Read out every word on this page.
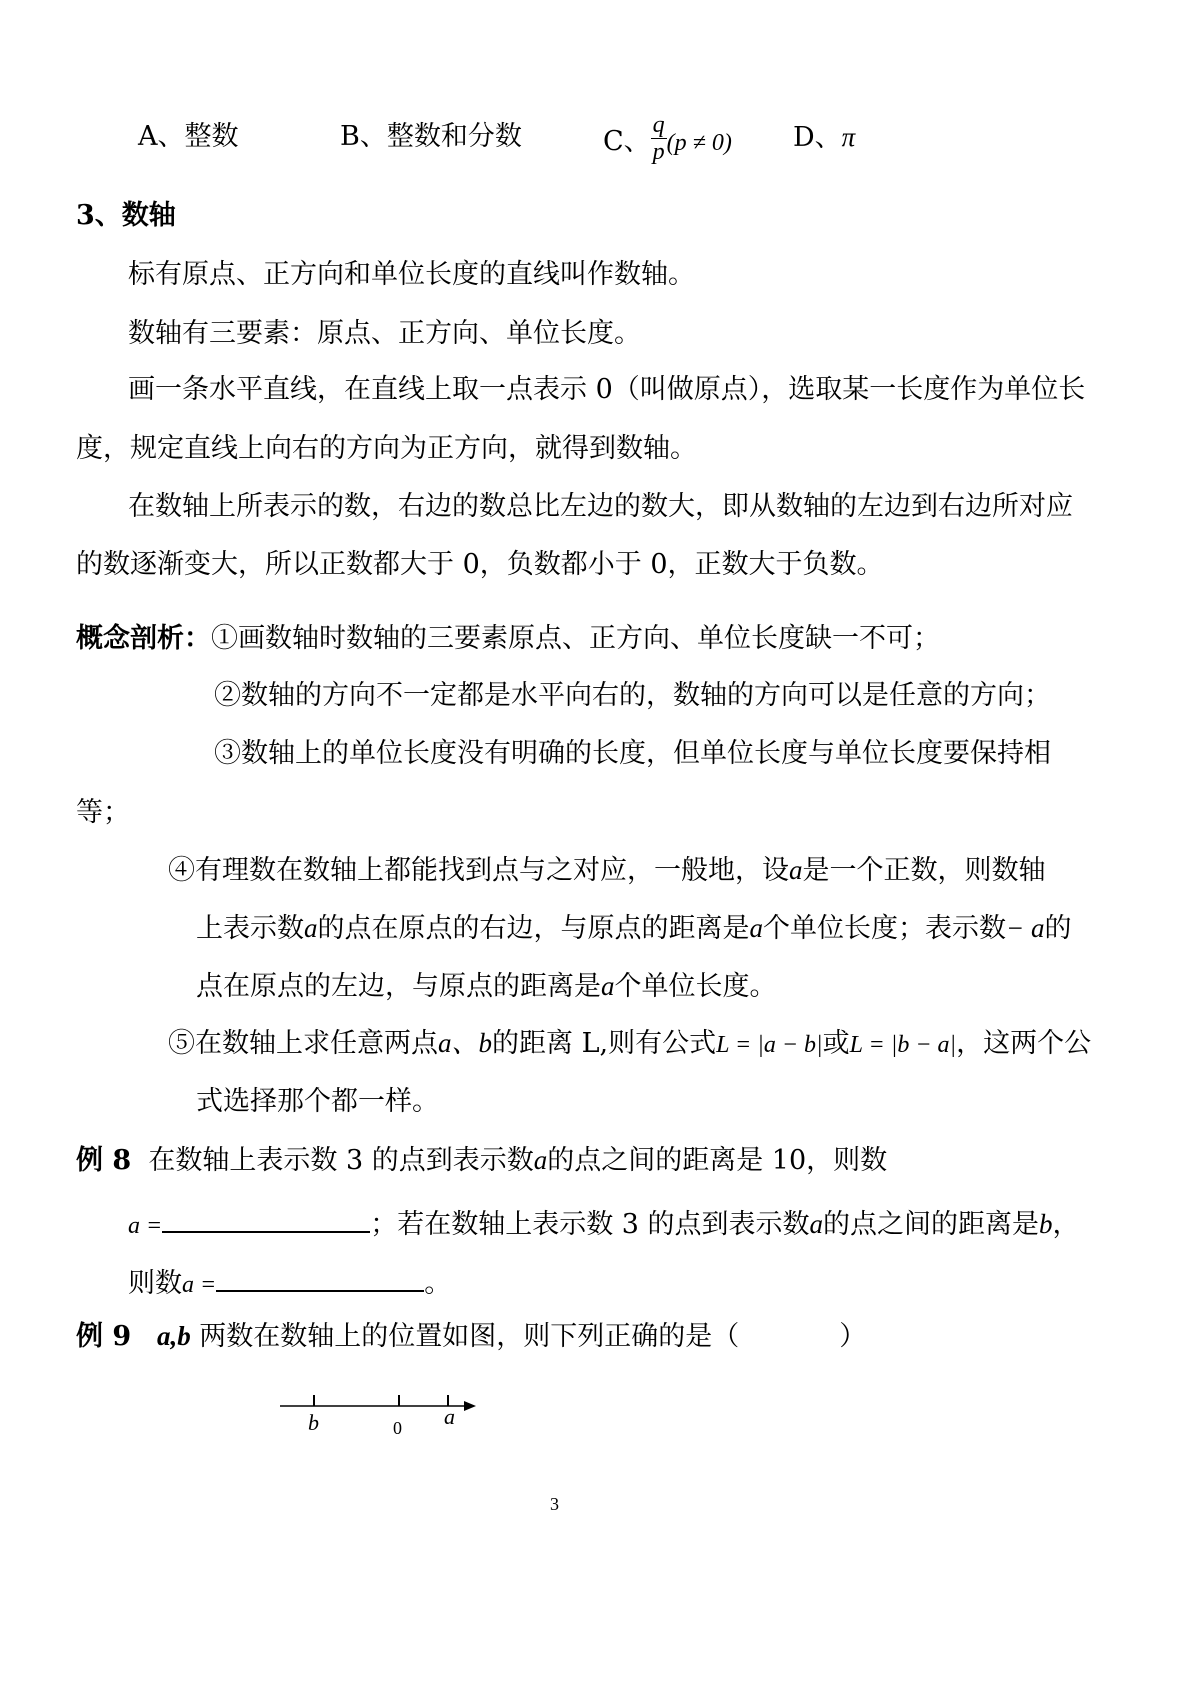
A、整数	B、整数和分数	C、 $\frac{q}{p} (p \ne 0)$ D、π
3、数轴
标有原点、正方向和单位长度的直线叫作数轴。
数轴有三要素：原点、正方向、单位长度。
画一条水平直线，在直线上取一点表示 0（叫做原点），选取某一长度作为单位长
度，规定直线上向右的方向为正方向，就得到数轴。
在数轴上所表示的数，右边的数总比左边的数大，即从数轴的左边到右边所对应
的数逐渐变大，所以正数都大于 0，负数都小于 0，正数大于负数。
概念剖析：①画数轴时数轴的三要素原点、正方向、单位长度缺一不可；
②数轴的方向不一定都是水平向右的，数轴的方向可以是任意的方向；
③数轴上的单位长度没有明确的长度，但单位长度与单位长度要保持相
等；
④有理数在数轴上都能找到点与之对应，一般地，设a是一个正数，则数轴
上表示数a的点在原点的右边，与原点的距离是a个单位长度；表示数− a的
点在原点的左边，与原点的距离是a个单位长度。
⑤在数轴上求任意两点a、b的距离 L,则有公式L = |a − b|或L = |b − a|，这两个公
式选择那个都一样。
例 8 在数轴上表示数 3 的点到表示数a的点之间的距离是 10，则数
a =	；若在数轴上表示数 3 的点到表示数a的点之间的距离是b，
则数a =	。
例 9 a,b 两数在数轴上的位置如图，则下列正确的是（	）
b	0 a
3
